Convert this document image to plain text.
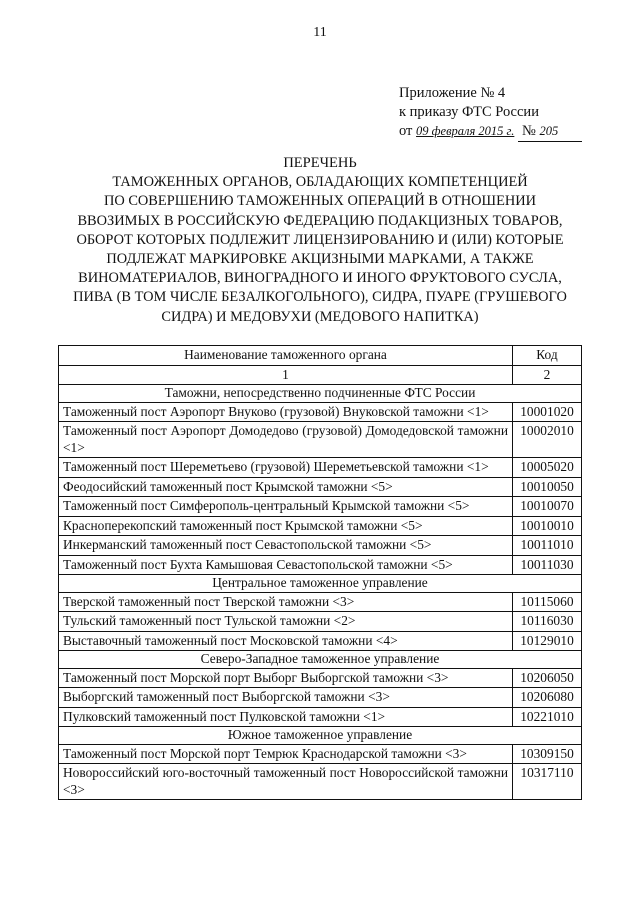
11
Приложение № 4
к приказу ФТС России
от 09 февраля 2015 г. № 205
ПЕРЕЧЕНЬ
ТАМОЖЕННЫХ ОРГАНОВ, ОБЛАДАЮЩИХ КОМПЕТЕНЦИЕЙ
ПО СОВЕРШЕНИЮ ТАМОЖЕННЫХ ОПЕРАЦИЙ В ОТНОШЕНИИ
ВВОЗИМЫХ В РОССИЙСКУЮ ФЕДЕРАЦИЮ ПОДАКЦИЗНЫХ ТОВАРОВ,
ОБОРОТ КОТОРЫХ ПОДЛЕЖИТ ЛИЦЕНЗИРОВАНИЮ И (ИЛИ) КОТОРЫЕ
ПОДЛЕЖАТ МАРКИРОВКЕ АКЦИЗНЫМИ МАРКАМИ, А ТАКЖЕ
ВИНОМАТЕРИАЛОВ, ВИНОГРАДНОГО И ИНОГО ФРУКТОВОГО СУСЛА,
ПИВА (В ТОМ ЧИСЛЕ БЕЗАЛКОГОЛЬНОГО), СИДРА, ПУАРЕ (ГРУШЕВОГО
СИДРА) И МЕДОВУХИ (МЕДОВОГО НАПИТКА)
Наименование таможенного органа	Код
1	2
Таможни, непосредственно подчиненные ФТС России	
Таможенный пост Аэропорт Внуково (грузовой) Внуковской таможни <1>	10001020
Таможенный пост Аэропорт Домодедово (грузовой) Домодедовской таможни <1>	10002010
Таможенный пост Шереметьево (грузовой) Шереметьевской таможни <1>	10005020
Феодосийский таможенный пост Крымской таможни <5>	10010050
Таможенный пост Симферополь-центральный Крымской таможни <5>	10010070
Красноперекопский таможенный пост Крымской таможни <5>	10010010
Инкерманский таможенный пост Севастопольской таможни <5>	10011010
Таможенный пост Бухта Камышовая Севастопольской таможни <5>	10011030
Центральное таможенное управление	
Тверской таможенный пост Тверской таможни <3>	10115060
Тульский таможенный пост Тульской таможни <2>	10116030
Выставочный таможенный пост Московской таможни <4>	10129010
Северо-Западное таможенное управление	
Таможенный пост Морской порт Выборг Выборгской таможни <3>	10206050
Выборгский таможенный пост Выборгской таможни <3>	10206080
Пулковский таможенный пост Пулковской таможни <1>	10221010
Южное таможенное управление	
Таможенный пост Морской порт Темрюк Краснодарской таможни <3>	10309150
Новороссийский юго-восточный таможенный пост Новороссийской таможни <3>	10317110
